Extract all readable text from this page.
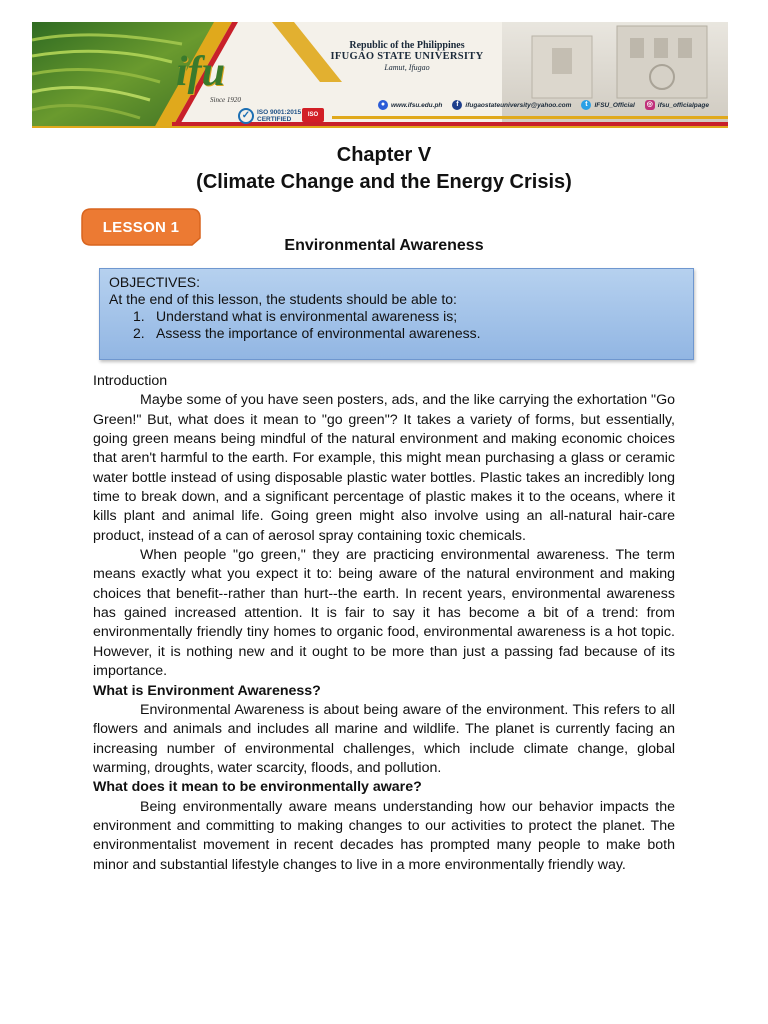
ifu
Since 1920
✓	ISO 9001:2015
CERTIFIED
ISO
Republic of the Philippines
IFUGAO STATE UNIVERSITY
Lamut, Ifugao
● www.ifsu.edu.ph	f	ifugaostateuniversity@yahoo.com	t	IFSU_Official ◎ ifsu_officialpage
Chapter V
(Climate Change and the Energy Crisis)
LESSON 1
Environmental Awareness
OBJECTIVES:
At the end of this lesson, the students should be able to:
1. Understand what is environmental awareness is;
2. Assess the importance of environmental awareness.

Introduction

Maybe some of you have seen posters, ads, and the like carrying the exhortation "Go Green!" But, what does it mean to "go green"? It takes a variety of forms, but essentially, going green means being mindful of the natural environment and making economic choices that aren't harmful to the earth. For example, this might mean purchasing a glass or ceramic water bottle instead of using disposable plastic water bottles. Plastic takes an incredibly long time to break down, and a significant percentage of plastic makes it to the oceans, where it kills plant and animal life. Going green might also involve using an all-natural hair-care product, instead of a can of aerosol spray containing toxic chemicals.

When people "go green," they are practicing environmental awareness. The term means exactly what you expect it to: being aware of the natural environment and making choices that benefit--rather than hurt--the earth. In recent years, environmental awareness has gained increased attention. It is fair to say it has become a bit of a trend: from environmentally friendly tiny homes to organic food, environmental awareness is a hot topic. However, it is nothing new and it ought to be more than just a passing fad because of its importance.

What is Environment Awareness?

Environmental Awareness is about being aware of the environment. This refers to all flowers and animals and includes all marine and wildlife. The planet is currently facing an increasing number of environmental challenges, which include climate change, global warming, droughts, water scarcity, floods, and pollution.

What does it mean to be environmentally aware?

Being environmentally aware means understanding how our behavior impacts the environment and committing to making changes to our activities to protect the planet. The environmentalist movement in recent decades has prompted many people to make both minor and substantial lifestyle changes to live in a more environmentally friendly way.
